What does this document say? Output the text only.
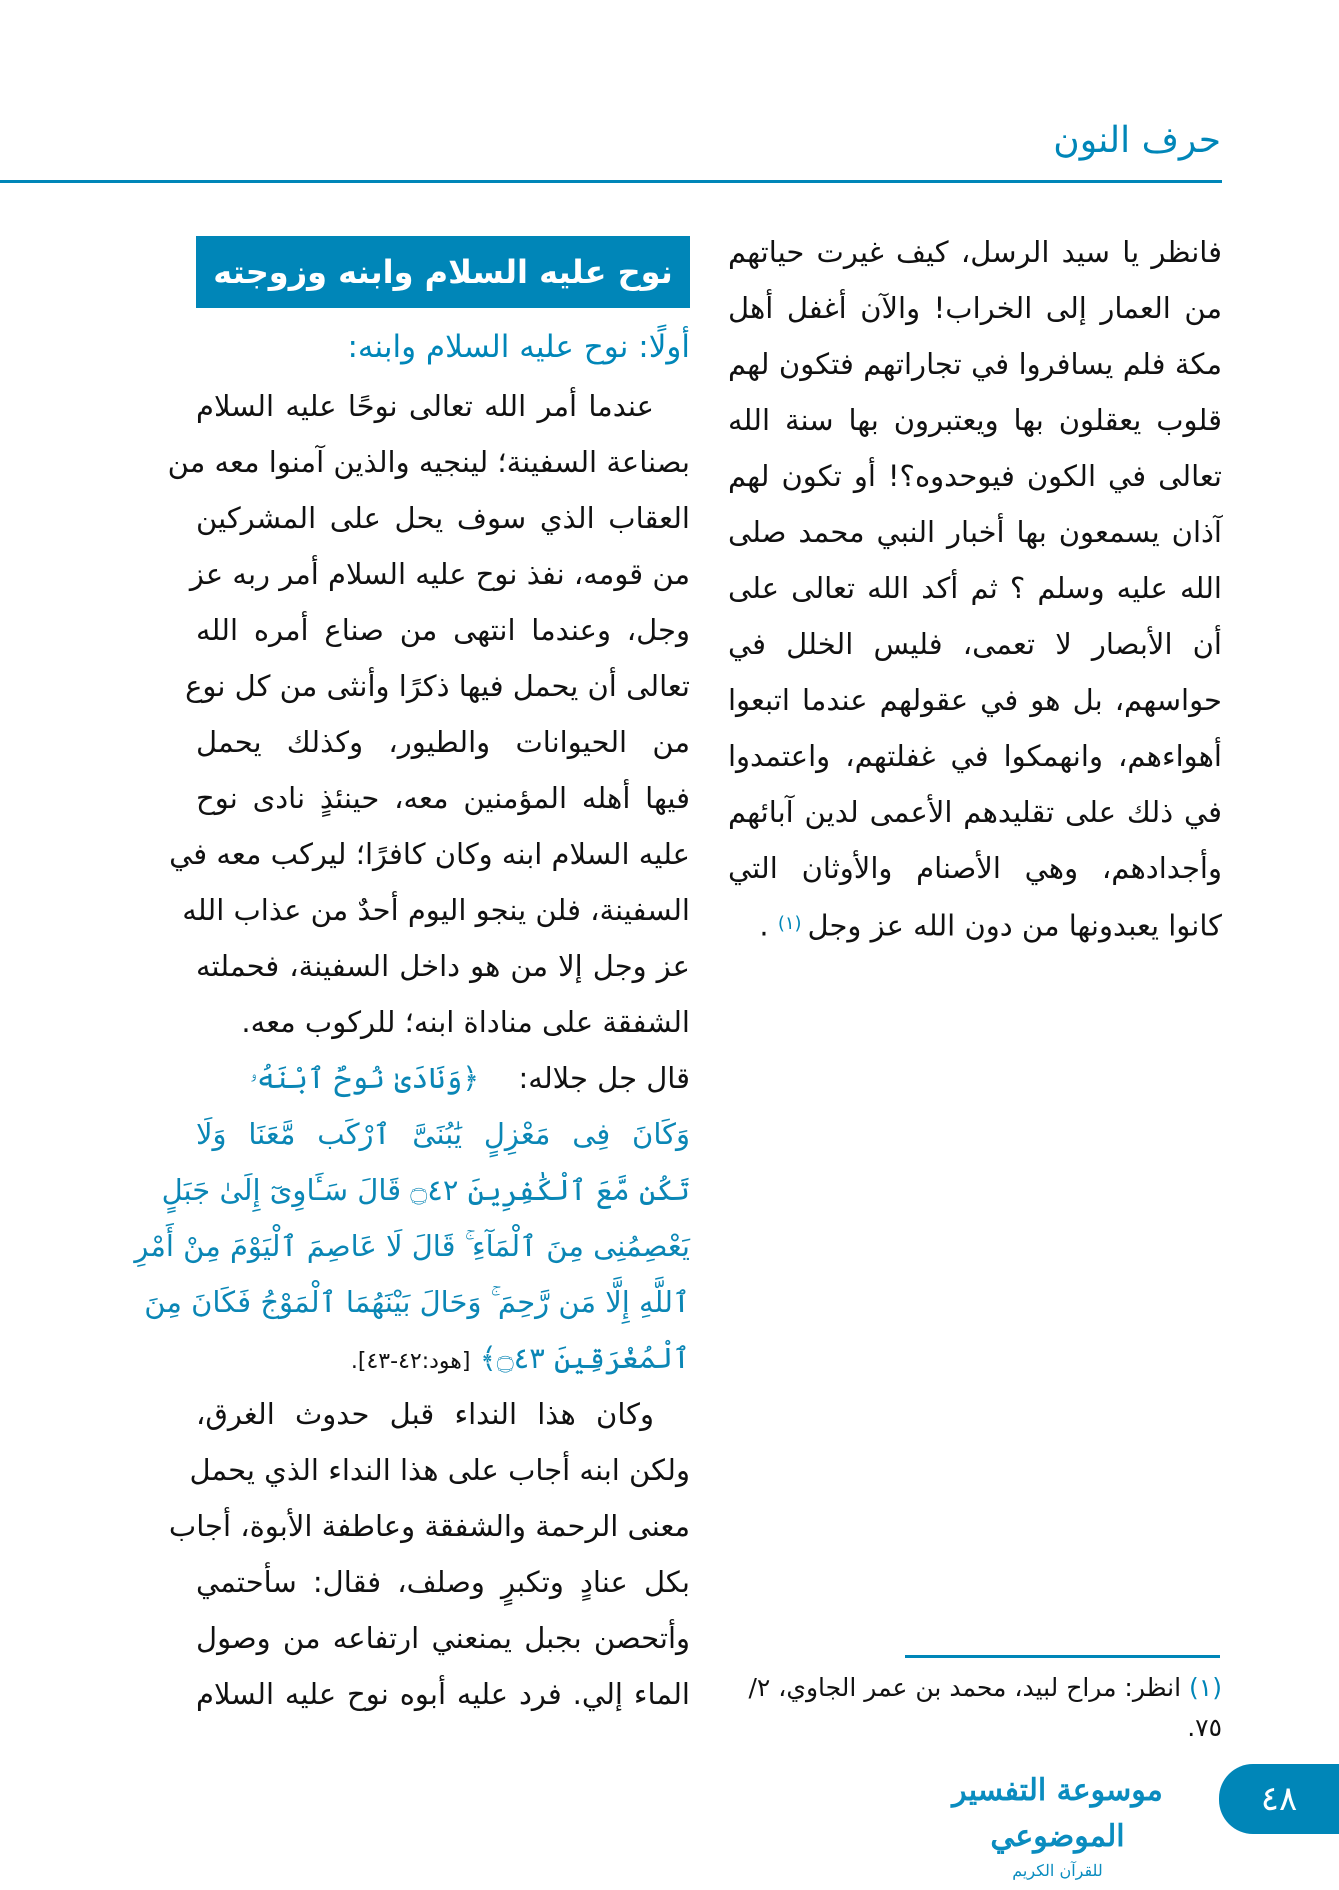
حرف النون
فانظر يا سيد الرسل، كيف غيرت حياتهم
من العمار إلى الخراب! والآن أغفل أهل
مكة فلم يسافروا في تجاراتهم فتكون لهم
قلوب يعقلون بها ويعتبرون بها سنة الله
تعالى في الكون فيوحدوه؟! أو تكون لهم
آذان يسمعون بها أخبار النبي محمد صلى
الله عليه وسلم ؟ ثم أكد الله تعالى على
أن الأبصار لا تعمى، فليس الخلل في
حواسهم، بل هو في عقولهم عندما اتبعوا
أهواءهم، وانهمكوا في غفلتهم، واعتمدوا
في ذلك على تقليدهم الأعمى لدين آبائهم
وأجدادهم، وهي الأصنام والأوثان التي
كانوا يعبدونها من دون الله عز وجل$^{(١)}$ .
نوح عليه السلام وابنه وزوجته
أولًا: نوح عليه السلام وابنه:
عندما أمر الله تعالى نوحًا عليه السلام
بصناعة السفينة؛ لينجيه والذين آمنوا معه من
العقاب الذي سوف يحل على المشركين
من قومه، نفذ نوح عليه السلام أمر ربه عز
وجل، وعندما انتهى من صناع أمره الله
تعالى أن يحمل فيها ذكرًا وأنثى من كل نوع
من الحيوانات والطيور، وكذلك يحمل
فيها أهله المؤمنين معه، حينئذٍ نادى نوح
عليه السلام ابنه وكان كافرًا؛ ليركب معه في
السفينة، فلن ينجو اليوم أحدٌ من عذاب الله
عز وجل إلا من هو داخل السفينة، فحملته
الشفقة على مناداة ابنه؛ للركوب معه.
قال جل جلاله: ﴿وَنَادَىٰ نُوحٌ ٱبْنَهُۥ
وَكَانَ فِى مَعْزِلٍ يَٰبُنَىَّ ٱرْكَب مَّعَنَا وَلَا
تَكُن مَّعَ ٱلْكَٰفِرِينَ ۝٤٢ قَالَ سَـَٔاوِىٓ إِلَىٰ جَبَلٍ
يَعْصِمُنِى مِنَ ٱلْمَآءِ ۚ قَالَ لَا عَاصِمَ ٱلْيَوْمَ مِنْ أَمْرِ
ٱللَّهِ إِلَّا مَن رَّحِمَ ۚ وَحَالَ بَيْنَهُمَا ٱلْمَوْجُ فَكَانَ مِنَ
ٱلْمُغْرَقِينَ ۝٤٣﴾ [هود:٤٢-٤٣].
وكان هذا النداء قبل حدوث الغرق،
ولكن ابنه أجاب على هذا النداء الذي يحمل
معنى الرحمة والشفقة وعاطفة الأبوة، أجاب
بكل عنادٍ وتكبرٍ وصلف، فقال: سأحتمي
وأتحصن بجبل يمنعني ارتفاعه من وصول
الماء إلي. فرد عليه أبوه نوح عليه السلام	(١) انظر: مراح لبيد، محمد بن عمر الجاوي، ٢/ ٧٥.
موسوعة التفسير الموضوعي
للقرآن الكريم
٤٨
